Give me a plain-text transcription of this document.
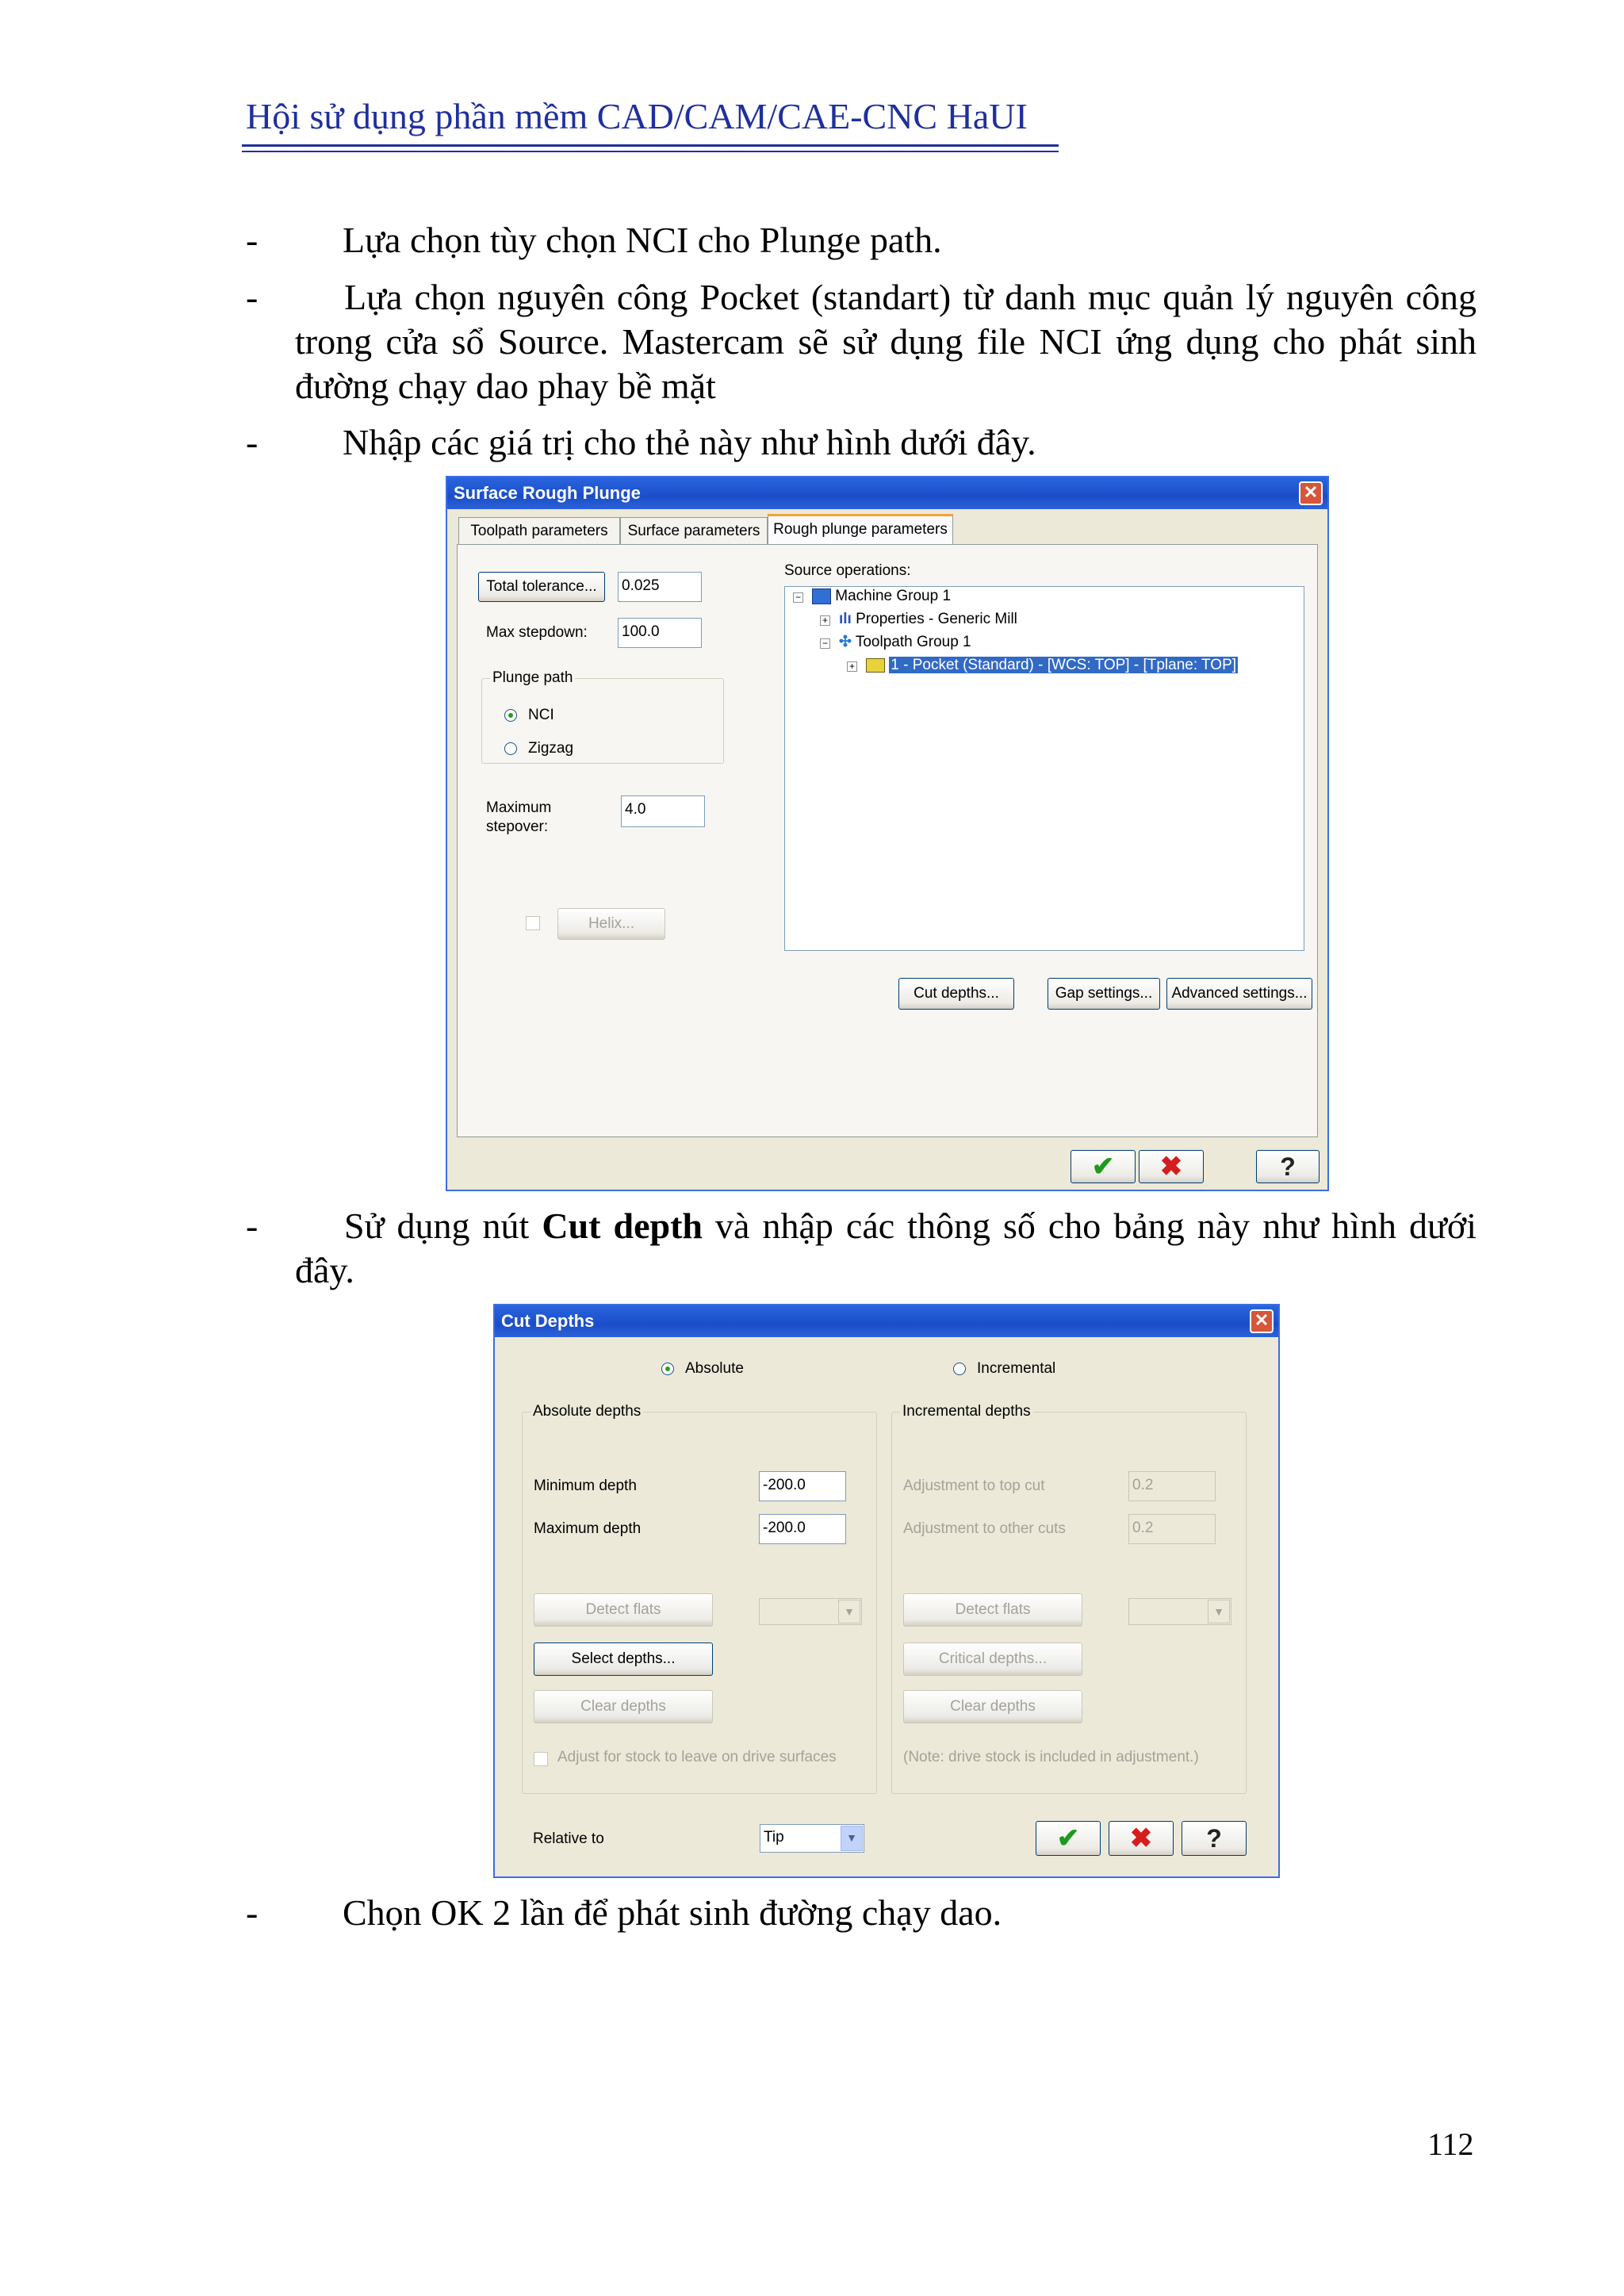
Hội sử dụng phần mềm CAD/CAM/CAE-CNC HaUI
- Lựa chọn tùy chọn NCI cho Plunge path.
-	Lựa chọn nguyên công Pocket (standart) từ danh mục quản lý nguyên công trong cửa sổ Source. Mastercam sẽ sử dụng file NCI ứng dụng cho phát sinh đường chạy dao phay bề mặt
- Nhập các giá trị cho thẻ này như hình dưới đây.
Surface Rough Plunge	✕
Toolpath parameters	Surface parameters Rough plunge parameters
Total tolerance...	0.025
Max stepdown: 100.0
Plunge path
NCI
Zigzag
Maximum
stepover:
4.0
Helix...
Source operations:
−	Machine Group 1
+ ılı Properties - Generic Mill
− ✣ Toolpath Group 1
+	1 - Pocket (Standard) - [WCS: TOP] - [Tplane: TOP]
Cut depths...	Gap settings...	Advanced settings...
✔	✖	?
-	Sử dụng nút Cut depth và nhập các thông số cho bảng này như hình dưới đây.
Cut Depths	✕
Absolute	Incremental
Absolute depths
Minimum depth	-200.0
Maximum depth	-200.0
Detect flats	▼
Select depths...
Clear depths
Adjust for stock to leave on drive surfaces
Incremental depths
Adjustment to top cut	0.2
Adjustment to other cuts	0.2
Detect flats	▼
Critical depths...
Clear depths
(Note: drive stock is included in adjustment.)
Relative to	Tip	▼	✔	✖	?
- Chọn OK 2 lần để phát sinh đường chạy dao.
112
